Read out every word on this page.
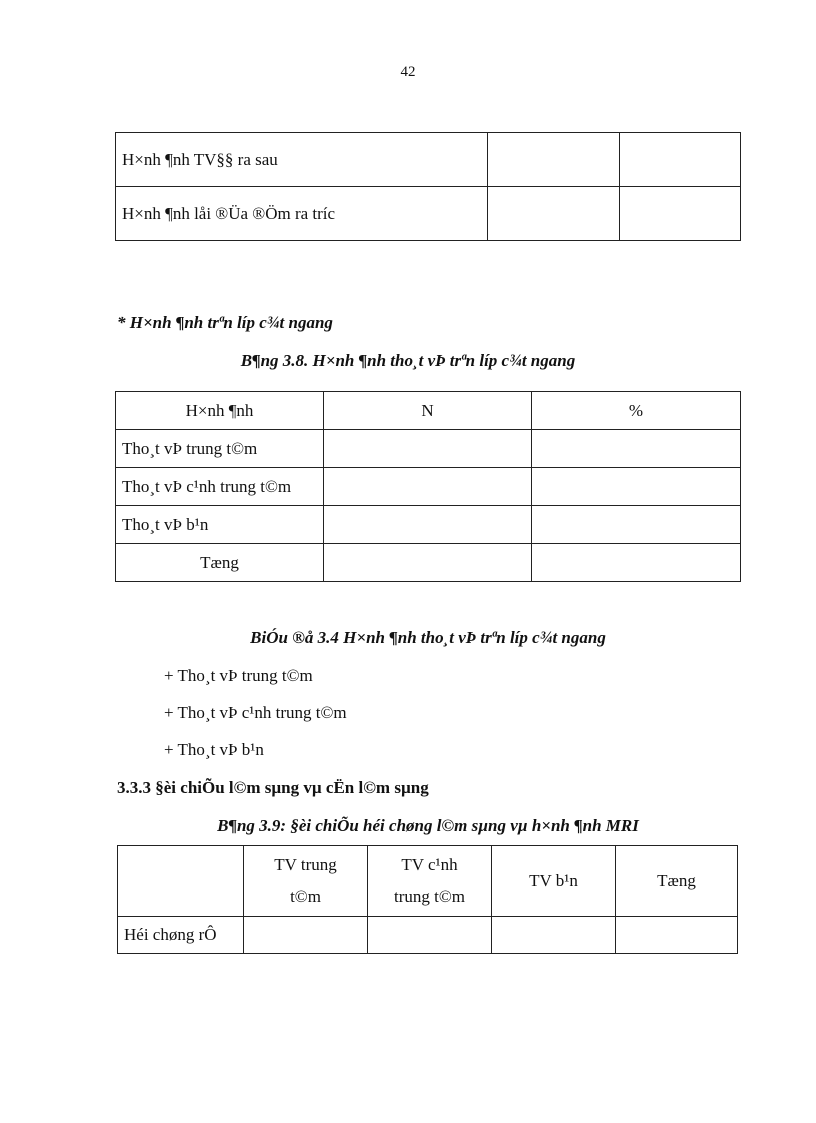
42
H×nh ¶nh TV§§ ra sau		
H×nh ¶nh låi ®Üa ®Öm ra tríc		
* H×nh ¶nh trªn líp c¾t ngang
B¶ng 3.8. H×nh ¶nh tho¸t vÞ trªn líp c¾t ngang
H×nh ¶nh	N	%
Tho¸t vÞ trung t©m		
Tho¸t vÞ c¹nh trung t©m		
Tho¸t vÞ b¹n		
Tæng		
BiÓu ®å 3.4 H×nh ¶nh tho¸t vÞ trªn líp c¾t ngang
+ Tho¸t vÞ trung t©m
+ Tho¸t vÞ c¹nh trung t©m
+ Tho¸t vÞ b¹n
3.3.3 §èi chiÕu l©m sµng vµ cËn l©m sµng
B¶ng 3.9: §èi chiÕu héi chøng l©m sµng vµ h×nh ¶nh MRI
	TV trung t©m	TV c¹nh trung t©m	TV b¹n	Tæng
Héi chøng rÔ				
